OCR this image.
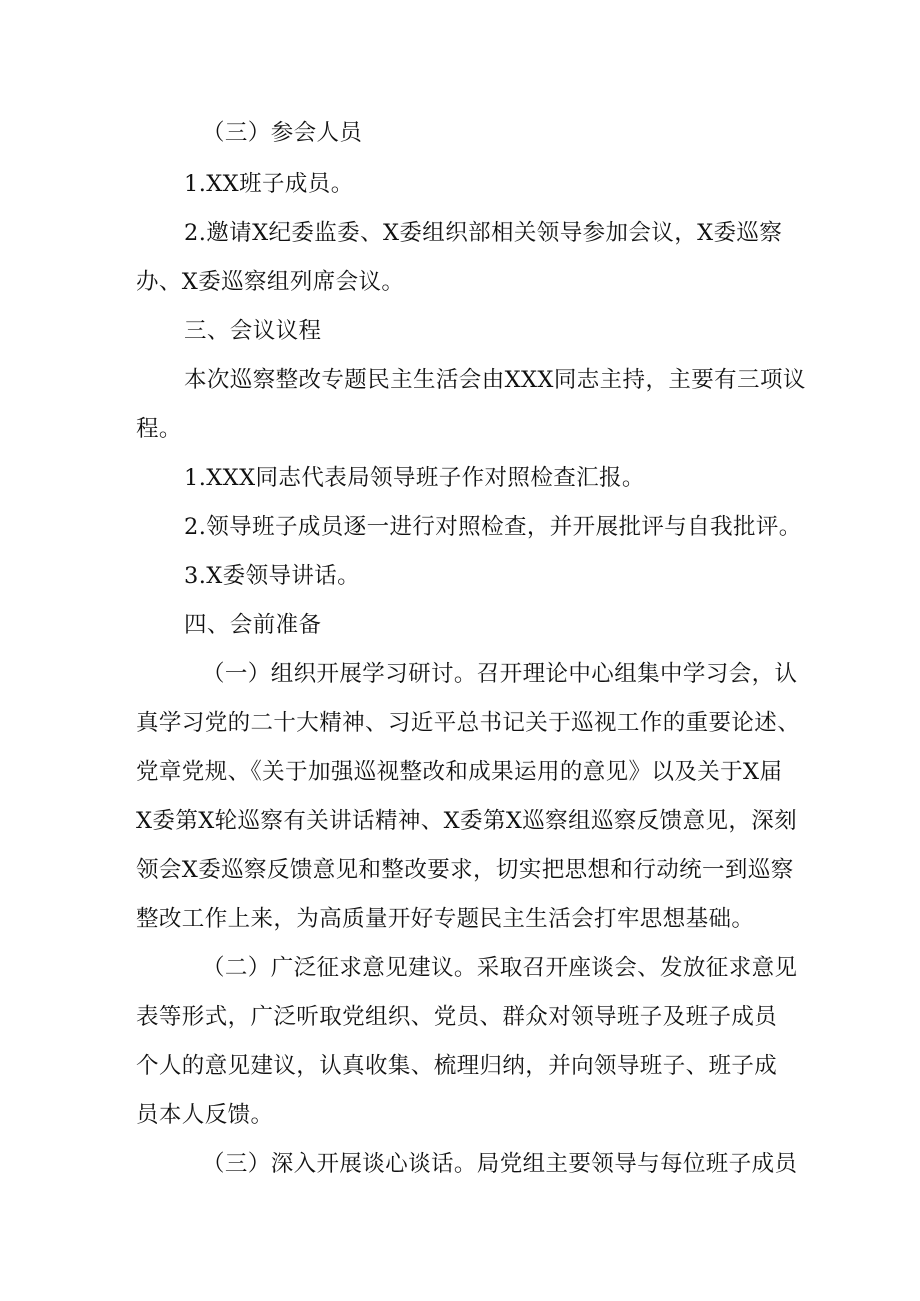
（三）参会人员
1.XX班子成员。
2.邀请X纪委监委、X委组织部相关领导参加会议，X委巡察
办、X委巡察组列席会议。
三、会议议程
本次巡察整改专题民主生活会由XXX同志主持，主要有三项议
程。
1.XXX同志代表局领导班子作对照检查汇报。
2.领导班子成员逐一进行对照检查，并开展批评与自我批评。
3.X委领导讲话。
四、会前准备
（一）组织开展学习研讨。召开理论中心组集中学习会，认
真学习党的二十大精神、习近平总书记关于巡视工作的重要论述、
党章党规、《关于加强巡视整改和成果运用的意见》以及关于X届
X委第X轮巡察有关讲话精神、X委第X巡察组巡察反馈意见，深刻
领会X委巡察反馈意见和整改要求，切实把思想和行动统一到巡察
整改工作上来，为高质量开好专题民主生活会打牢思想基础。
（二）广泛征求意见建议。采取召开座谈会、发放征求意见
表等形式，广泛听取党组织、党员、群众对领导班子及班子成员
个人的意见建议，认真收集、梳理归纳，并向领导班子、班子成
员本人反馈。
（三）深入开展谈心谈话。局党组主要领导与每位班子成员
